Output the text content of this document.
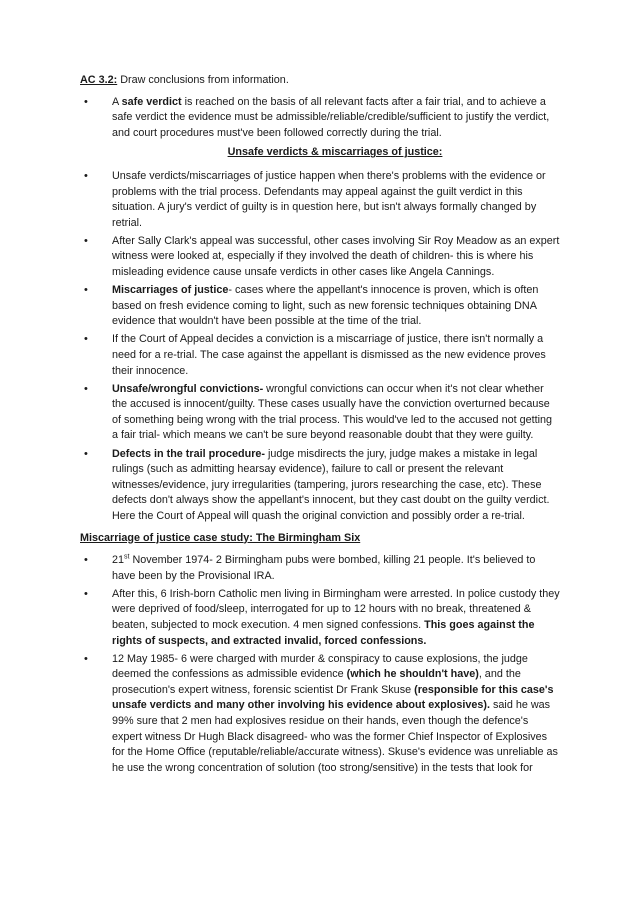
AC 3.2: Draw conclusions from information.

• A safe verdict is reached on the basis of all relevant facts after a fair trial, and to achieve a safe verdict the evidence must be admissible/reliable/credible/sufficient to justify the verdict, and court procedures must've been followed correctly during the trial.
Unsafe verdicts & miscarriages of justice:
• Unsafe verdicts/miscarriages of justice happen when there's problems with the evidence or problems with the trial process. Defendants may appeal against the guilt verdict in this situation. A jury's verdict of guilty is in question here, but isn't always formally changed by retrial.
• After Sally Clark's appeal was successful, other cases involving Sir Roy Meadow as an expert witness were looked at, especially if they involved the death of children- this is where his misleading evidence cause unsafe verdicts in other cases like Angela Cannings.
• Miscarriages of justice- cases where the appellant's innocence is proven, which is often based on fresh evidence coming to light, such as new forensic techniques obtaining DNA evidence that wouldn't have been possible at the time of the trial.
• If the Court of Appeal decides a conviction is a miscarriage of justice, there isn't normally a need for a re-trial. The case against the appellant is dismissed as the new evidence proves their innocence.
• Unsafe/wrongful convictions- wrongful convictions can occur when it's not clear whether the accused is innocent/guilty. These cases usually have the conviction overturned because of something being wrong with the trial process. This would've led to the accused not getting a fair trial- which means we can't be sure beyond reasonable doubt that they were guilty.
• Defects in the trail procedure- judge misdirects the jury, judge makes a mistake in legal rulings (such as admitting hearsay evidence), failure to call or present the relevant witnesses/evidence, jury irregularities (tampering, jurors researching the case, etc). These defects don't always show the appellant's innocent, but they cast doubt on the guilty verdict. Here the Court of Appeal will quash the original conviction and possibly order a re-trial.
Miscarriage of justice case study: The Birmingham Six
• 21st November 1974- 2 Birmingham pubs were bombed, killing 21 people. It's believed to have been by the Provisional IRA.
• After this, 6 Irish-born Catholic men living in Birmingham were arrested. In police custody they were deprived of food/sleep, interrogated for up to 12 hours with no break, threatened & beaten, subjected to mock execution. 4 men signed confessions. This goes against the rights of suspects, and extracted invalid, forced confessions.
• 12 May 1985- 6 were charged with murder & conspiracy to cause explosions, the judge deemed the confessions as admissible evidence (which he shouldn't have), and the prosecution's expert witness, forensic scientist Dr Frank Skuse (responsible for this case's unsafe verdicts and many other involving his evidence about explosives). said he was 99% sure that 2 men had explosives residue on their hands, even though the defence's expert witness Dr Hugh Black disagreed- who was the former Chief Inspector of Explosives for the Home Office (reputable/reliable/accurate witness). Skuse's evidence was unreliable as he use the wrong concentration of solution (too strong/sensitive) in the tests that look for
